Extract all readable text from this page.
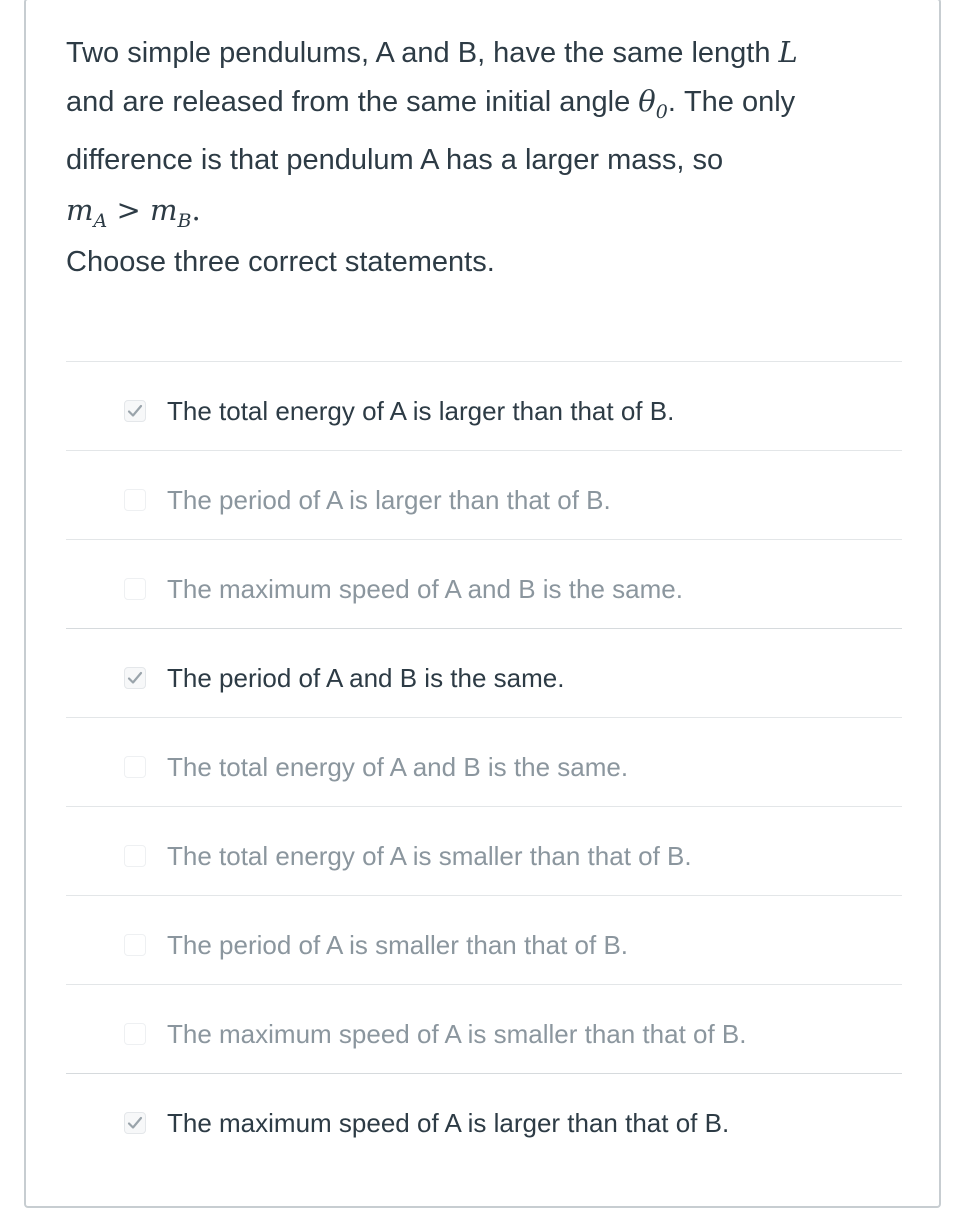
Two simple pendulums, A and B, have the same length L
and are released from the same initial angle $\theta_0$. The only
difference is that pendulum A has a larger mass, so
$m_A > m_B$.
Choose three correct statements.
The total energy of A is larger than that of B.
The period of A is larger than that of B.
The maximum speed of A and B is the same.
The period of A and B is the same.
The total energy of A and B is the same.
The total energy of A is smaller than that of B.
The period of A is smaller than that of B.
The maximum speed of A is smaller than that of B.
The maximum speed of A is larger than that of B.
